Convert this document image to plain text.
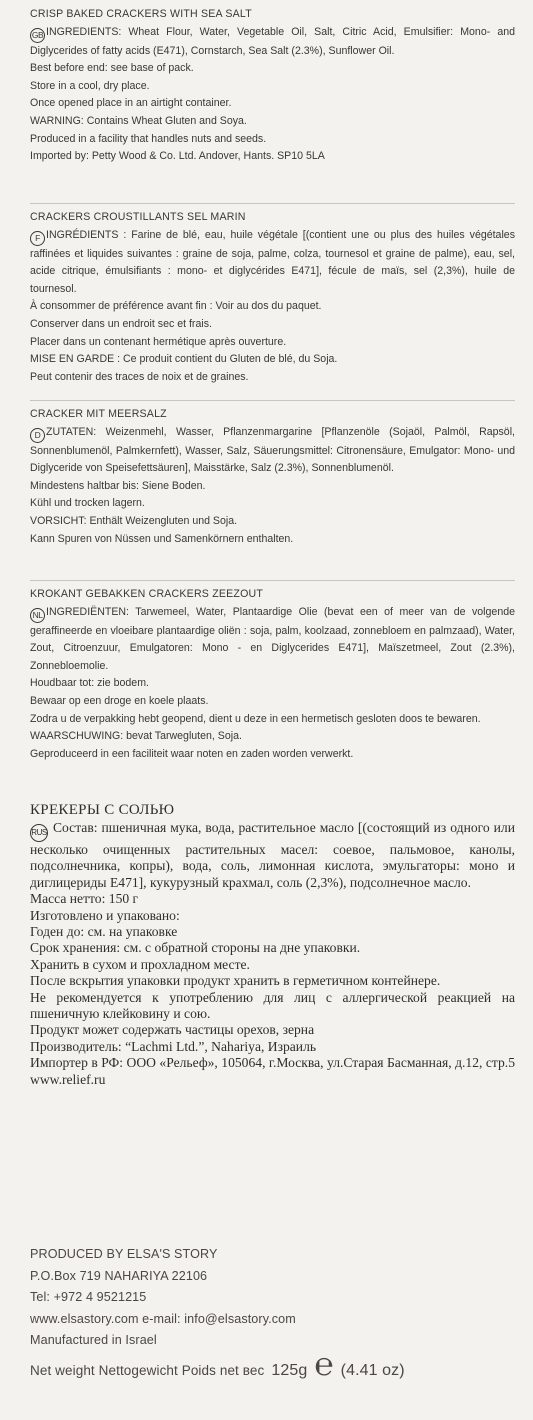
CRISP BAKED CRACKERS WITH SEA SALT

GB INGREDIENTS: Wheat Flour, Water, Vegetable Oil, Salt, Citric Acid, Emulsifier: Mono- and Diglycerides of fatty acids (E471), Cornstarch, Sea Salt (2.3%), Sunflower Oil.

Best before end: see base of pack.

Store in a cool, dry place.

Once opened place in an airtight container.

WARNING: Contains Wheat Gluten and Soya.

Produced in a facility that handles nuts and seeds.

Imported by: Petty Wood & Co. Ltd. Andover, Hants. SP10 5LA

CRACKERS CROUSTILLANTS SEL MARIN

F INGRÉDIENTS : Farine de blé, eau, huile végétale [(contient une ou plus des huiles végétales raffinées et liquides suivantes : graine de soja, palme, colza, tournesol et graine de palme), eau, sel, acide citrique, émulsifiants : mono- et diglycérides E471], fécule de maïs, sel (2,3%), huile de tournesol.

À consommer de préférence avant fin : Voir au dos du paquet.

Conserver dans un endroit sec et frais.

Placer dans un contenant hermétique après ouverture.

MISE EN GARDE : Ce produit contient du Gluten de blé, du Soja.

Peut contenir des traces de noix et de graines.

CRACKER MIT MEERSALZ

D ZUTATEN: Weizenmehl, Wasser, Pflanzenmargarine [Pflanzenöle (Sojaöl, Palmöl, Rapsöl, Sonnenblumenöl, Palmkernfett), Wasser, Salz, Säuerungsmittel: Citronensäure, Emulgator: Mono- und Diglyceride von Speisefettsäuren], Maisstärke, Salz (2.3%), Sonnenblumenöl.

Mindestens haltbar bis: Siene Boden.

Kühl und trocken lagern.

VORSICHT: Enthält Weizengluten und Soja.

Kann Spuren von Nüssen und Samenkörnern enthalten.

KROKANT GEBAKKEN CRACKERS ZEEZOUT

NL INGREDIËNTEN: Tarwemeel, Water, Plantaardige Olie (bevat een of meer van de volgende geraffineerde en vloeibare plantaardige oliën : soja, palm, koolzaad, zonnebloem en palmzaad), Water, Zout, Citroenzuur, Emulgatoren: Mono - en Diglycerides E471], Maïszetmeel, Zout (2.3%), Zonnebloemolie.

Houdbaar tot: zie bodem.

Bewaar op een droge en koele plaats.

Zodra u de verpakking hebt geopend, dient u deze in een hermetisch gesloten doos te bewaren.

WAARSCHUWING: bevat Tarwegluten, Soja.

Geproduceerd in een faciliteit waar noten en zaden worden verwerkt.

КРЕКЕРЫ С СОЛЬЮ

RUS Состав: пшеничная мука, вода, растительное масло [(состоящий из одного или несколько очищенных растительных масел: соевое, пальмовое, канолы, подсолнечника, копры), вода, соль, лимонная кислота, эмульгаторы: моно и диглицериды E471], кукурузный крахмал, соль (2,3%), подсолнечное масло.

Масса нетто: 150 г

Изготовлено и упаковано:

Годен до: см. на упаковке

Срок хранения: см. с обратной стороны на дне упаковки.

Хранить в сухом и прохладном месте.

После вскрытия упаковки продукт хранить в герметичном контейнере.

Не рекомендуется к употреблению для лиц с аллергической реакцией на пшеничную клейковину и сою.

Продукт может содержать частицы орехов, зерна

Производитель: “Lachmi Ltd.”, Nahariya, Израиль

Импортер в РФ: ООО «Рельеф», 105064, г.Москва, ул.Старая Басманная, д.12, стр.5 www.relief.ru

PRODUCED BY ELSA'S STORY

P.O.Box 719 NAHARIYA 22106

Tel: +972 4 9521215

www.elsastory.com e-mail: info@elsastory.com

Manufactured in Israel

Net weight Nettogewicht Poids net вес 125g ℮ (4.41 oz)
